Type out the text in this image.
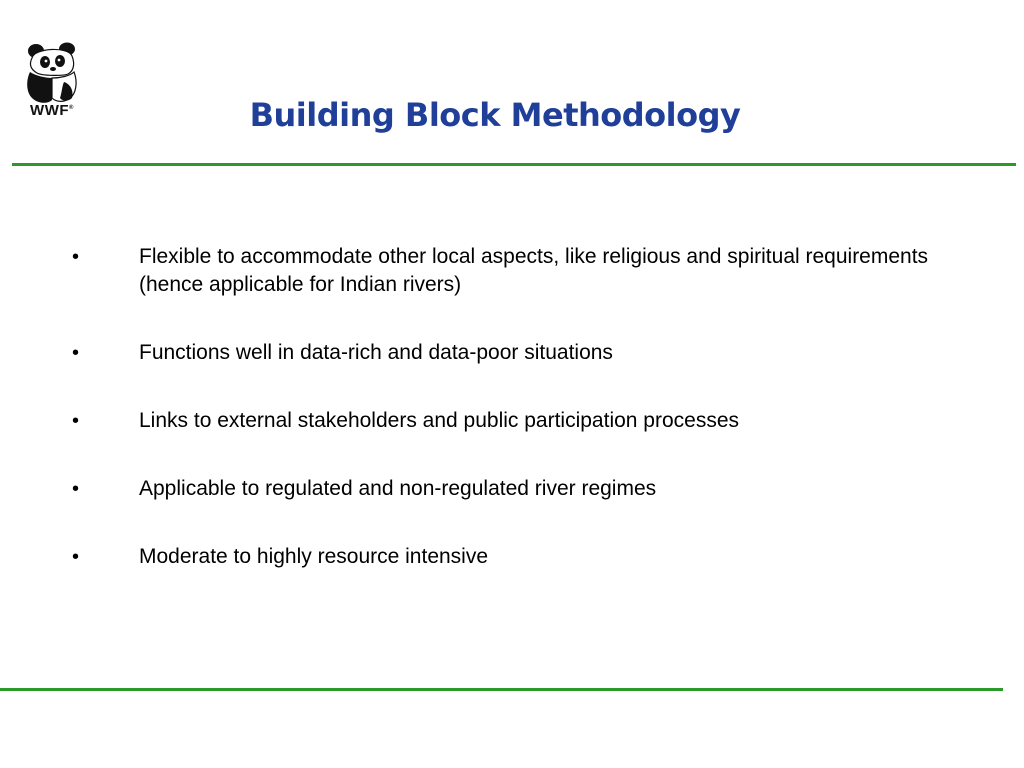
WWF®	Building Block Methodology
•	Flexible to accommodate other local aspects, like religious and spiritual requirements (hence applicable for Indian rivers)
•	Functions well in data-rich and data-poor situations
•	Links to external stakeholders and public participation processes
•	Applicable to regulated and non-regulated river regimes
•	Moderate to highly resource intensive
